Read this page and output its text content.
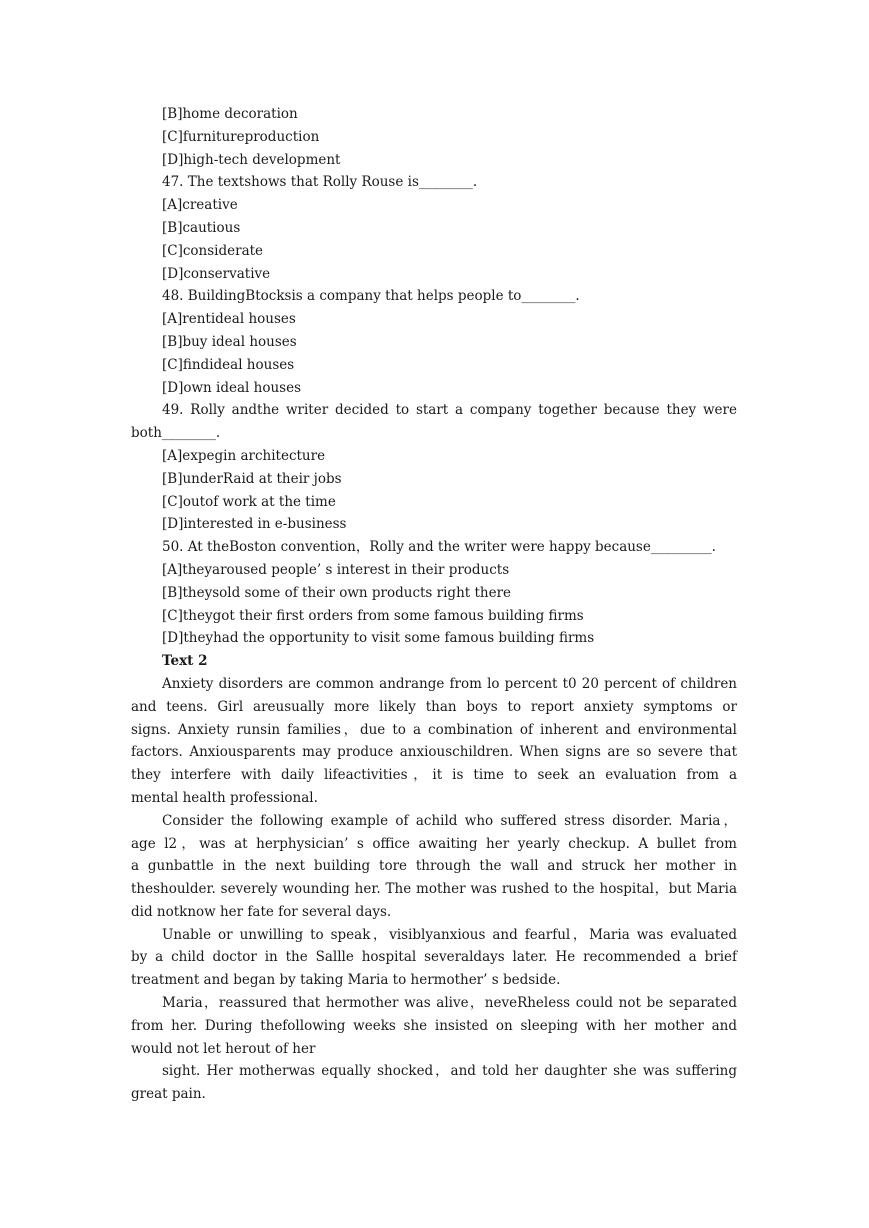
[B]home decoration
[C]furnitureproduction
[D]high-tech development
47. The textshows that Rolly Rouse is________.
[A]creative
[B]cautious
[C]considerate
[D]conservative
48. BuildingBtocksis a company that helps people to________.
[A]rentideal houses
[B]buy ideal houses
[C]findideal houses
[D]own ideal houses
49. Rolly andthe writer decided to start a company together because they were
both________.
[A]expegin architecture
[B]underRaid at their jobs
[C]outof work at the time
[D]interested in e-business
50. At theBoston convention，Rolly and the writer were happy because_________.
[A]theyaroused people’ s interest in their products
[B]theysold some of their own products right there
[C]theygot their first orders from some famous building firms
[D]theyhad the opportunity to visit some famous building firms
Text 2
Anxiety disorders are common andrange from lo percent t0 20 percent of children
and teens. Girl areusually more likely than boys to report anxiety symptoms or
signs. Anxiety runsin families，due to a combination of inherent and environmental
factors. Anxiousparents may produce anxiouschildren. When signs are so severe that
they interfere with daily lifeactivities，it is time to seek an evaluation from a
mental health professional.
Consider the following example of achild who suffered stress disorder. Maria，
age l2，was at herphysician’ s office awaiting her yearly checkup. A bullet from
a gunbattle in the next building tore through the wall and struck her mother in
theshoulder. severely wounding her. The mother was rushed to the hospital，but Maria
did notknow her fate for several days.
Unable or unwilling to speak，visiblyanxious and fearful，Maria was evaluated
by a child doctor in the Sallle hospital severaldays later. He recommended a brief
treatment and began by taking Maria to hermother’ s bedside.
Maria，reassured that hermother was alive，neveRheless could not be separated
from her. During thefollowing weeks she insisted on sleeping with her mother and
would not let herout of her
sight. Her motherwas equally shocked，and told her daughter she was suffering
great pain.
